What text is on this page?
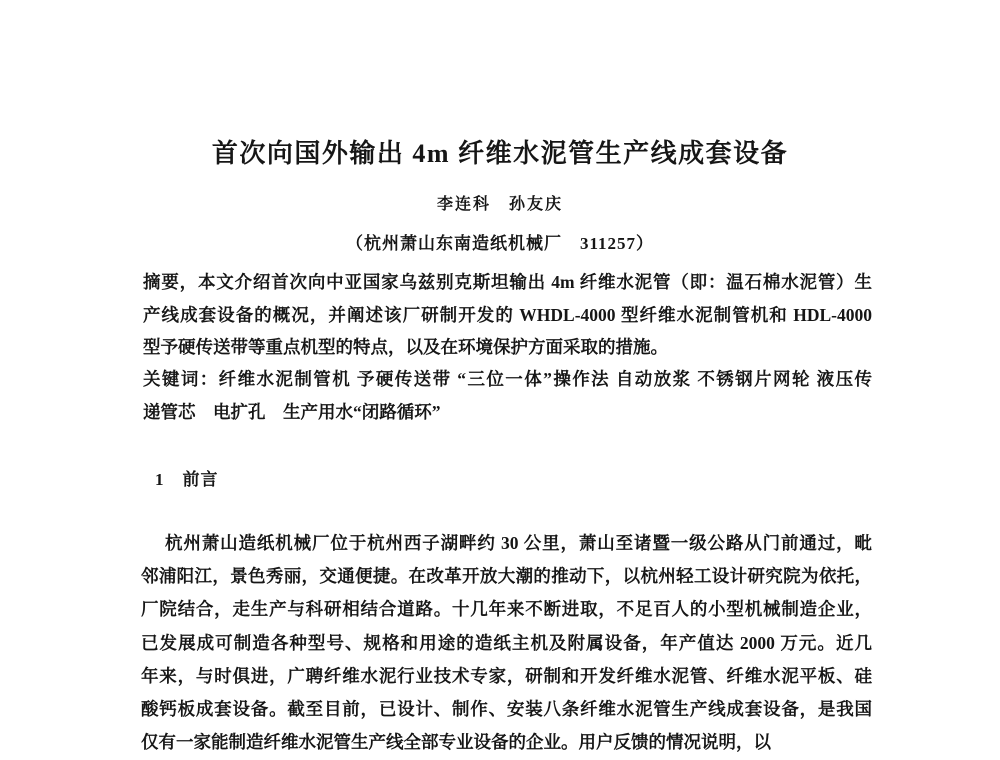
首次向国外输出 4m 纤维水泥管生产线成套设备
李连科　孙友庆
（杭州萧山东南造纸机械厂　311257）
摘要，本文介绍首次向中亚国家乌兹别克斯坦输出 4m 纤维水泥管（即：温石棉水泥管）生
产线成套设备的概况，并阐述该厂研制开发的 WHDL-4000 型纤维水泥制管机和 HDL-4000
型予硬传送带等重点机型的特点，以及在环境保护方面采取的措施。
关键词：纤维水泥制管机 予硬传送带 “三位一体”操作法 自动放浆 不锈钢片网轮 液压传
递管芯　电扩孔　生产用水“闭路循环”
1　前言
杭州萧山造纸机械厂位于杭州西子湖畔约 30 公里，萧山至诸暨一级公路从门前通过，毗
邻浦阳江，景色秀丽，交通便捷。在改革开放大潮的推动下，以杭州轻工设计研究院为依托，
厂院结合，走生产与科研相结合道路。十几年来不断进取，不足百人的小型机械制造企业，
已发展成可制造各种型号、规格和用途的造纸主机及附属设备，年产值达 2000 万元。近几
年来，与时俱进，广聘纤维水泥行业技术专家，研制和开发纤维水泥管、纤维水泥平板、硅
酸钙板成套设备。截至目前，已设计、制作、安装八条纤维水泥管生产线成套设备，是我国
仅有一家能制造纤维水泥管生产线全部专业设备的企业。用户反馈的情况说明，以
